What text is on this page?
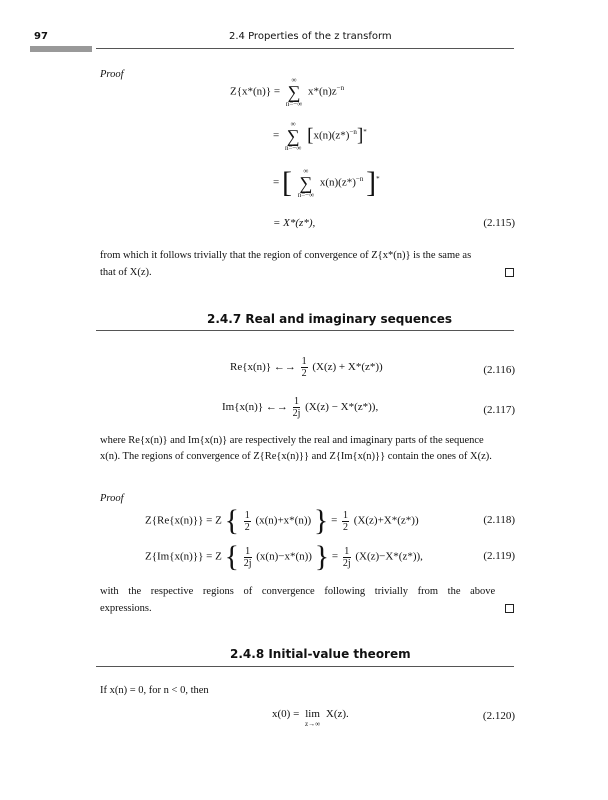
97	2.4 Properties of the z transform
Proof
Z{x*(n)} =
∞
∑
n=−∞
$x*(n)z^{-n}$
=
∞
∑
n=−∞
$[x(n)(z*)^{-n}]^*$
= [	∞
∑
n=−∞
$x(n)(z*)^{-n}$ ]*
= X*(z*),	(2.115)
from which it follows trivially that the region of convergence of Z{x*(n)} is the same as
that of X(z).
2.4.7 Real and imaginary sequences
Re{x(n)} ←→ $\frac{1}{2} (X(z) + X*(z*))$	(2.116)
Im{x(n)} ←→ $\frac{1}{2j} (X(z) - X*(z*))$,	(2.117)
where Re{x(n)} and Im{x(n)} are respectively the real and imaginary parts of the sequence
x(n). The regions of convergence of Z{Re{x(n)}} and Z{Im{x(n)}} contain the ones of X(z).
Proof
Z{Re{x(n)}} = Z { $\frac{1}{2} (x(n)+x*(n))$ } = $\frac{1}{2} (X(z)+X*(z*))$	(2.118)
Z{Im{x(n)}} = Z { $\frac{1}{2j} (x(n)-x*(n))$ } = $\frac{1}{2j} (X(z)-X*(z*))$,	(2.119)
with the respective regions of convergence following trivially from the above
expressions.
2.4.8 Initial-value theorem
If x(n) = 0, for n < 0, then
x(0) = lim
z→∞
X(z).	(2.120)
